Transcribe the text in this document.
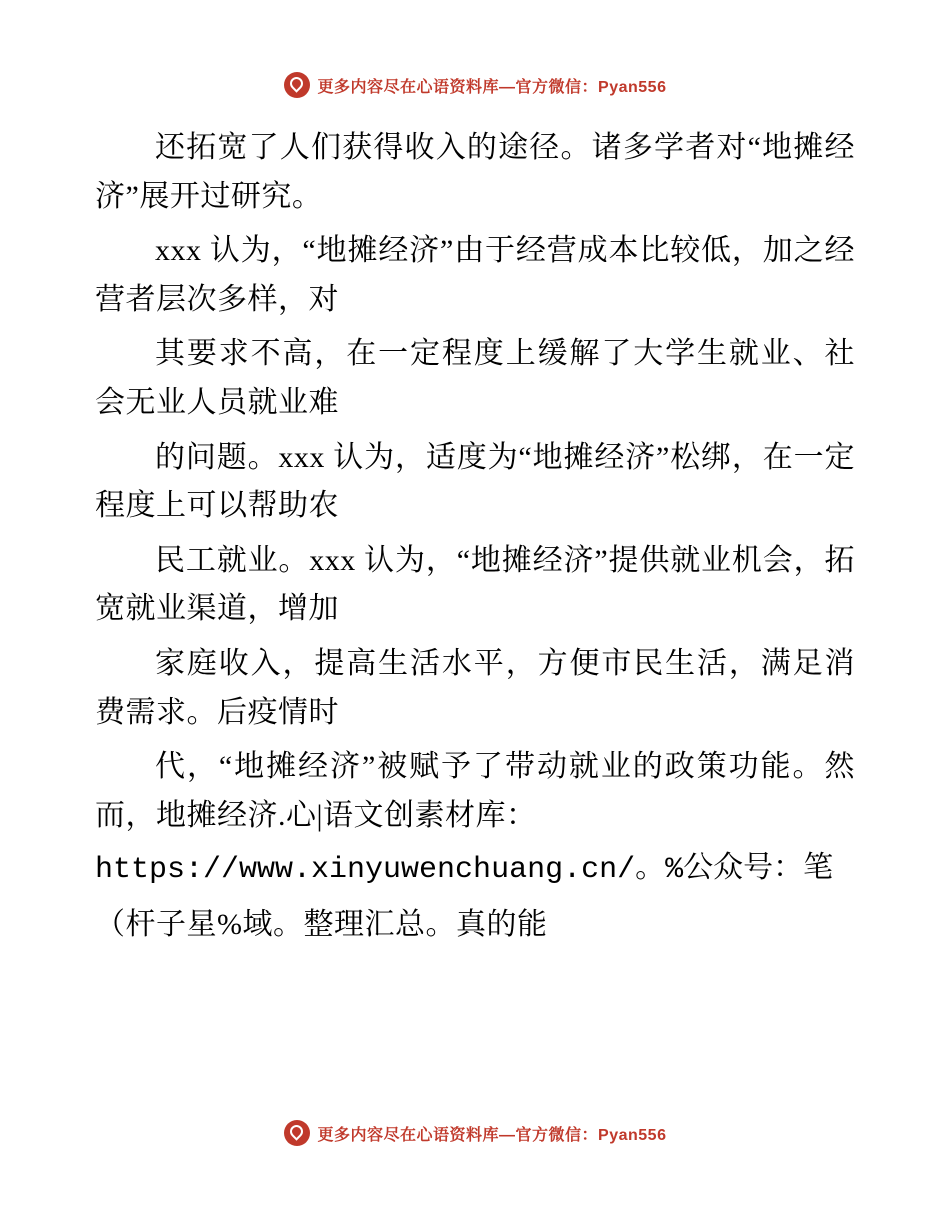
更多内容尽在心语资料库—官方微信：Pyan556

还拓宽了人们获得收入的途径。诸多学者对“地摊经济”展开过研究。

xxx 认为，“地摊经济”由于经营成本比较低，加之经营者层次多样，对

其要求不高，在一定程度上缓解了大学生就业、社会无业人员就业难

的问题。xxx 认为，适度为“地摊经济”松绑，在一定程度上可以帮助农

民工就业。xxx 认为，“地摊经济”提供就业机会，拓宽就业渠道，增加

家庭收入，提高生活水平，方便市民生活，满足消费需求。后疫情时

代，“地摊经济”被赋予了带动就业的政策功能。然而，地摊经济.心|语文创素材库：

https://www.xinyuwenchuang.cn/。%公众号：笔

（杆子星%域。整理汇总。真的能

更多内容尽在心语资料库—官方微信：Pyan556
